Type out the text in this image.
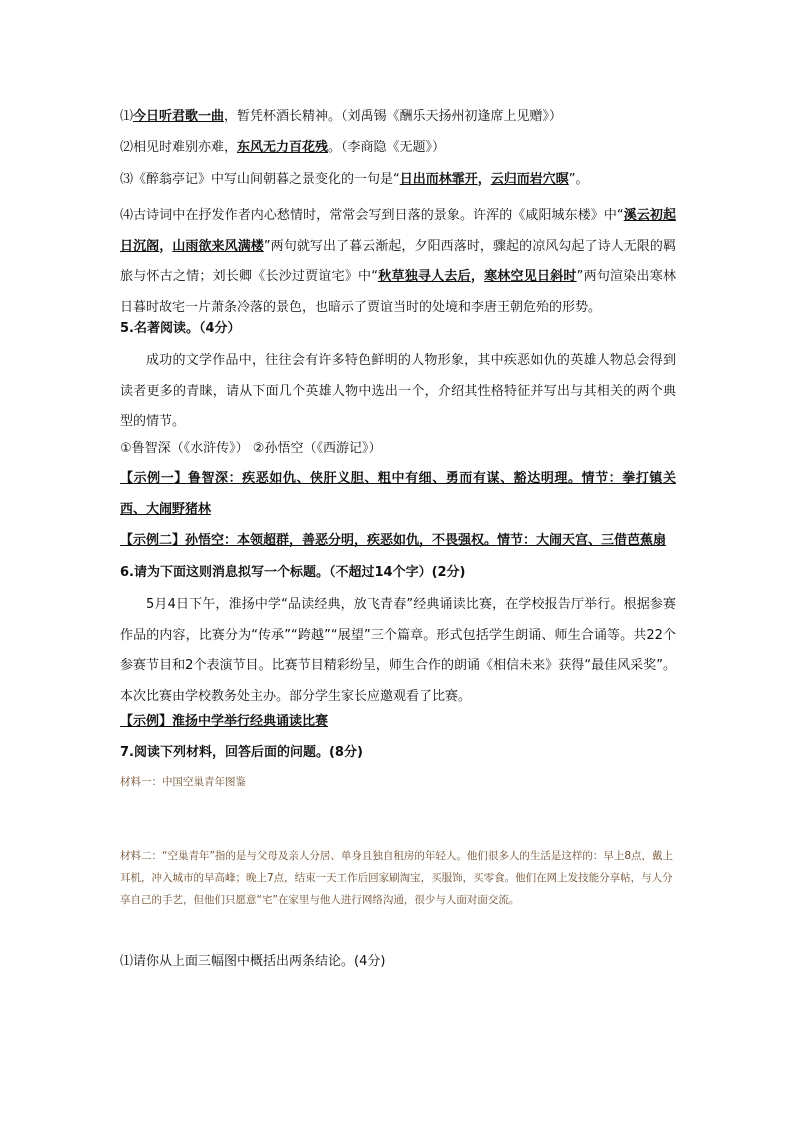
⑴今日听君歌一曲，暂凭杯酒长精神。（刘禹锡《酬乐天扬州初逢席上见赠》）
⑵相见时难别亦难，东风无力百花残。（李商隐《无题》）
⑶《醉翁亭记》中写山间朝暮之景变化的一句是“日出而林霏开，云归而岩穴暝”。
⑷古诗词中在抒发作者内心愁情时，常常会写到日落的景象。许浑的《咸阳城东楼》中“溪云初起日沉阁，山雨欲来风满楼”两句就写出了暮云渐起，夕阳西落时，骤起的凉风勾起了诗人无限的羁旅与怀古之情；刘长卿《长沙过贾谊宅》中“秋草独寻人去后，寒林空见日斜时”两句渲染出寒林日暮时故宅一片萧条冷落的景色，也暗示了贾谊当时的处境和李唐王朝危殆的形势。
5.名著阅读。（4分）
成功的文学作品中，往往会有许多特色鲜明的人物形象，其中疾恶如仇的英雄人物总会得到读者更多的青睐，请从下面几个英雄人物中选出一个，介绍其性格特征并写出与其相关的两个典型的情节。
①鲁智深（《水浒传》） ②孙悟空（《西游记》）
【示例一】鲁智深：疾恶如仇、侠肝义胆、粗中有细、勇而有谋、豁达明理。情节：拳打镇关西、大闹野猪林
【示例二】孙悟空：本领超群，善恶分明，疾恶如仇，不畏强权。情节：大闹天宫、三借芭蕉扇
6.请为下面这则消息拟写一个标题。（不超过14个字）(2分)
5月4日下午，淮扬中学“品读经典，放飞青春”经典诵读比赛，在学校报告厅举行。根据参赛作品的内容，比赛分为“传承”“跨越”“展望”三个篇章。形式包括学生朗诵、师生合诵等。共22个参赛节目和2个表演节目。比赛节目精彩纷呈，师生合作的朗诵《相信未来》获得“最佳风采奖”。本次比赛由学校教务处主办。部分学生家长应邀观看了比赛。
【示例】淮扬中学举行经典诵读比赛
7.阅读下列材料，回答后面的问题。(8分)
材料一：中国空巢青年图鉴
材料二：“空巢青年”指的是与父母及亲人分居、单身且独自租房的年轻人。他们很多人的生活是这样的：早上8点，戴上耳机，冲入城市的早高峰；晚上7点，结束一天工作后回家刷淘宝，买服饰，买零食。他们在网上发技能分享帖，与人分享自己的手艺，但他们只愿意“宅”在家里与他人进行网络沟通，很少与人面对面交流。
⑴请你从上面三幅图中概括出两条结论。(4分)
